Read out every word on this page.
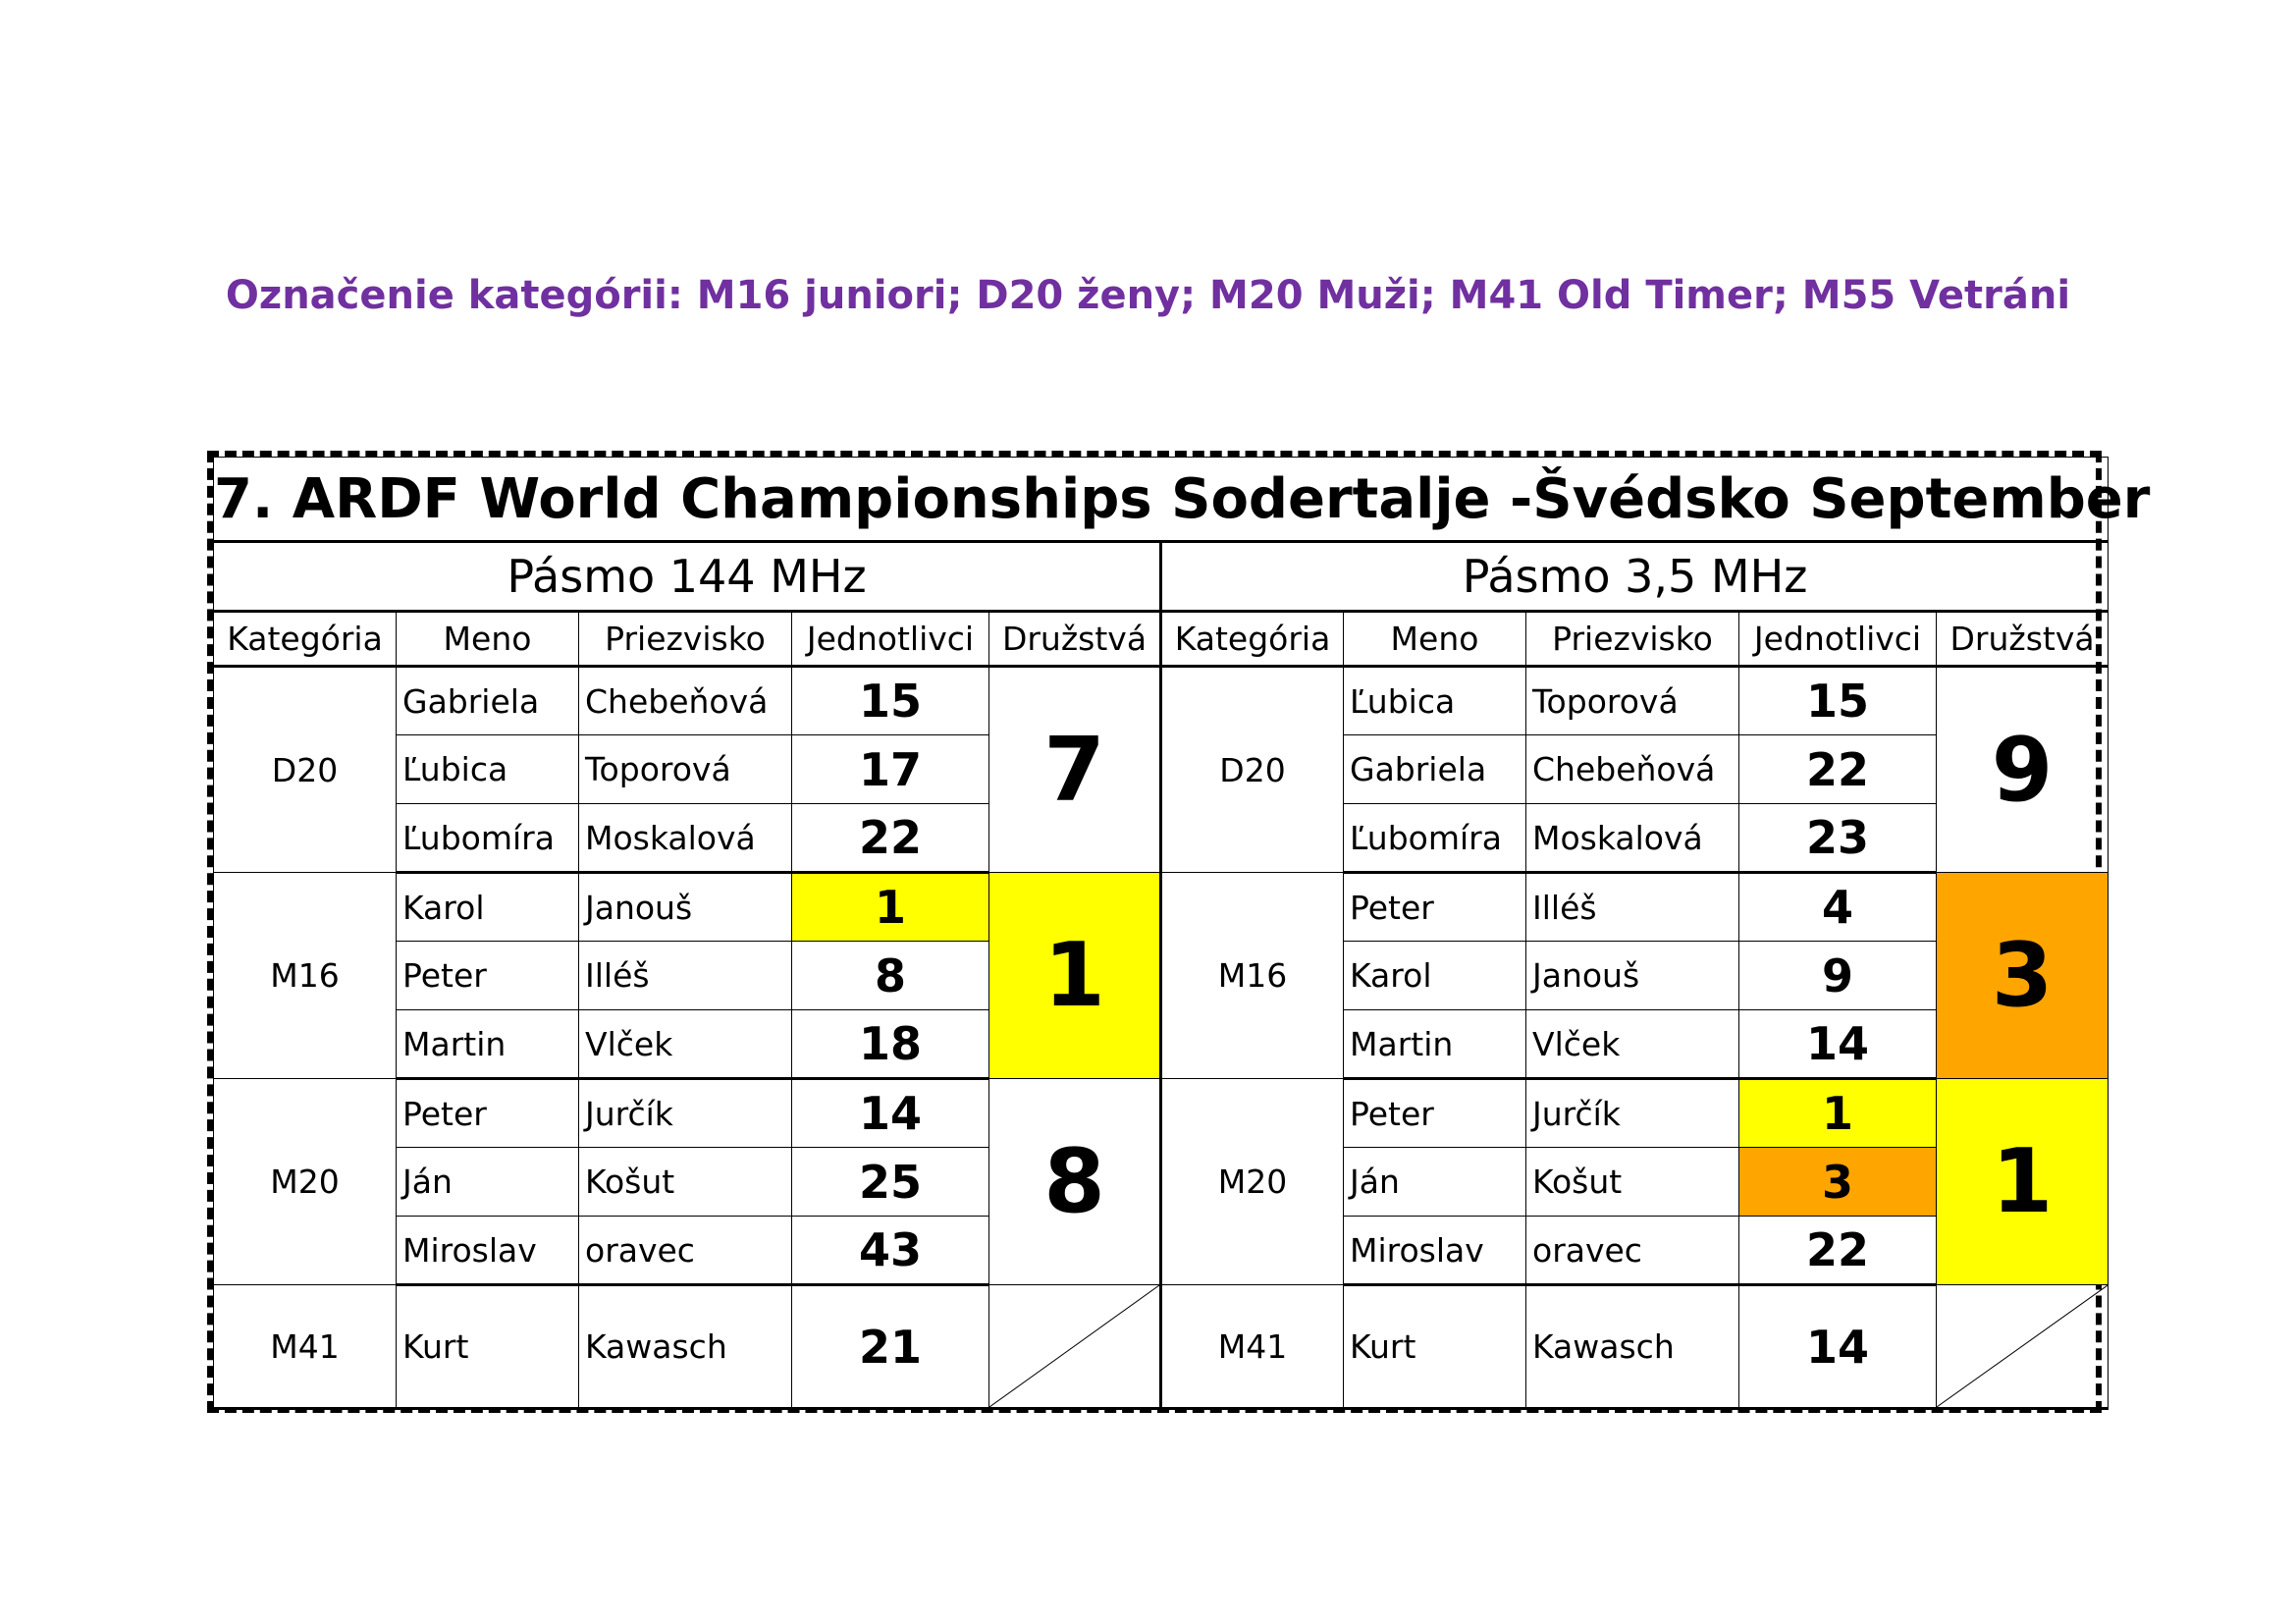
Označenie kategórii: M16 juniori; D20 ženy; M20 Muži; M41 Old Timer; M55 Vetráni
7. ARDF World Championships Sodertalje -Švédsko September									
Pásmo 144 MHz					Pásmo 3,5 MHz				
Kategória	Meno	Priezvisko	Jednotlivci	Družstvá	Kategória	Meno	Priezvisko	Jednotlivci	Družstvá
D20	Gabriela	Chebeňová	15	7	D20	Ľubica	Toporová	15	9
	Ľubica	Toporová	17			Gabriela	Chebeňová	22	
	Ľubomíra	Moskalová	22			Ľubomíra	Moskalová	23	
M16	Karol	Janouš	1	1	M16	Peter	Illéš	4	3
	Peter	Illéš	8			Karol	Janouš	9	
	Martin	Vlček	18			Martin	Vlček	14	
M20	Peter	Jurčík	14	8	M20	Peter	Jurčík	1	1
	Ján	Košut	25			Ján	Košut	3	
	Miroslav	oravec	43			Miroslav	oravec	22	
M41	Kurt	Kawasch	21		M41	Kurt	Kawasch	14	
